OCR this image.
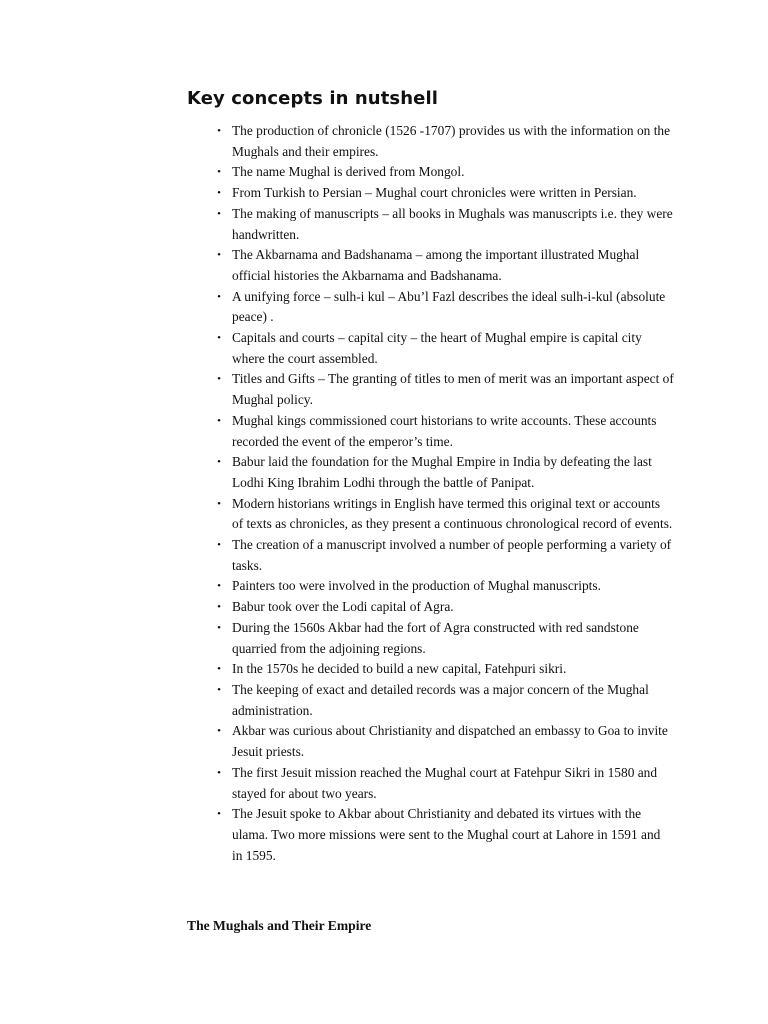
Key concepts in nutshell
• The production of chronicle (1526 -1707) provides us with the information on the Mughals and their empires.
• The name Mughal is derived from Mongol.
• From Turkish to Persian – Mughal court chronicles were written in Persian.
• The making of manuscripts – all books in Mughals was manuscripts i.e. they were handwritten.
• The Akbarnama and Badshanama – among the important illustrated Mughal official histories the Akbarnama and Badshanama.
• A unifying force – sulh-i kul – Abu’l Fazl describes the ideal sulh-i-kul (absolute peace) .
• Capitals and courts – capital city – the heart of Mughal empire is capital city where the court assembled.
• Titles and Gifts – The granting of titles to men of merit was an important aspect of Mughal policy.
• Mughal kings commissioned court historians to write accounts. These accounts recorded the event of the emperor’s time.
• Babur laid the foundation for the Mughal Empire in India by defeating the last Lodhi King Ibrahim Lodhi through the battle of Panipat.
• Modern historians writings in English have termed this original text or accounts of texts as chronicles, as they present a continuous chronological record of events.
• The creation of a manuscript involved a number of people performing a variety of tasks.
• Painters too were involved in the production of Mughal manuscripts.
• Babur took over the Lodi capital of Agra.
• During the 1560s Akbar had the fort of Agra constructed with red sandstone quarried from the adjoining regions.
• In the 1570s he decided to build a new capital, Fatehpuri sikri.
• The keeping of exact and detailed records was a major concern of the Mughal administration.
• Akbar was curious about Christianity and dispatched an embassy to Goa to invite Jesuit priests.
• The first Jesuit mission reached the Mughal court at Fatehpur Sikri in 1580 and stayed for about two years.
• The Jesuit spoke to Akbar about Christianity and debated its virtues with the ulama. Two more missions were sent to the Mughal court at Lahore in 1591 and in 1595.
The Mughals and Their Empire
